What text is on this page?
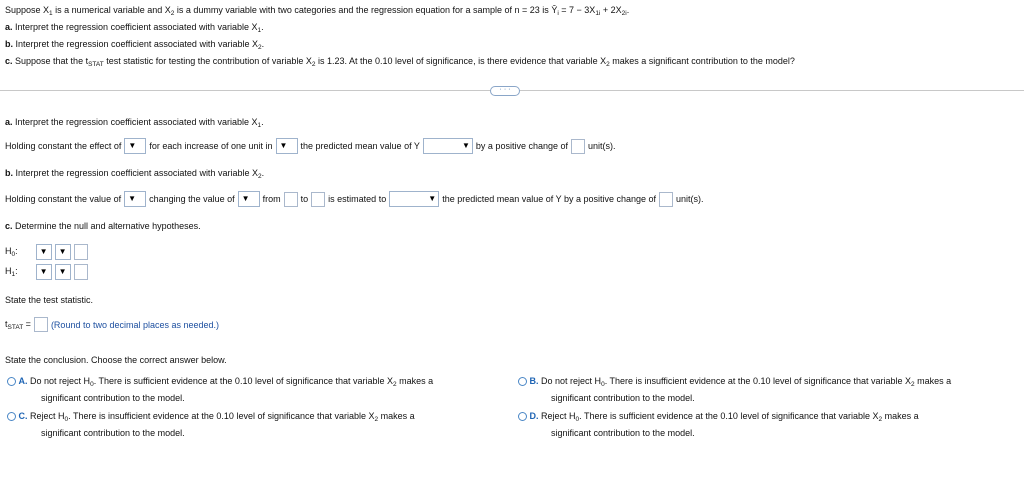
Suppose $X_1$ is a numerical variable and $X_2$ is a dummy variable with two categories and the regression equation for a sample of n = 23 is $Ŷ_i = 7 - 3X_{1i} + 2X_{2i}$.
a. Interpret the regression coefficient associated with variable $X_1$.
b. Interpret the regression coefficient associated with variable $X_2$.
c. Suppose that the $t_{STAT}$ test statistic for testing the contribution of variable $X_2$ is 1.23. At the 0.10 level of significance, is there evidence that variable $X_2$ makes a significant contribution to the model?
· · ·
a. Interpret the regression coefficient associated with variable $X_1$.
Holding constant the effect of ▼ for each increase of one unit in ▼ the predicted mean value of Y	▼ by a positive change of unit(s).
b. Interpret the regression coefficient associated with variable $X_2$.
Holding constant the value of ▼ changing the value of ▼ from to is estimated to	▼ the predicted mean value of Y by a positive change of unit(s).
c. Determine the null and alternative hypotheses.
$H_0$:	▼ ▼
$H_1$:	▼ ▼
State the test statistic.
$t_{STAT}$ = (Round to two decimal places as needed.)
State the conclusion. Choose the correct answer below.
A. Do not reject $H_0$. There is sufficient evidence at the 0.10 level of significance that variable $X_2$ makes a
significant contribution to the model.
B. Do not reject $H_0$. There is insufficient evidence at the 0.10 level of significance that variable $X_2$ makes a
significant contribution to the model.
C. Reject $H_0$. There is insufficient evidence at the 0.10 level of significance that variable $X_2$ makes a
significant contribution to the model.
D. Reject $H_0$. There is sufficient evidence at the 0.10 level of significance that variable $X_2$ makes a
significant contribution to the model.
